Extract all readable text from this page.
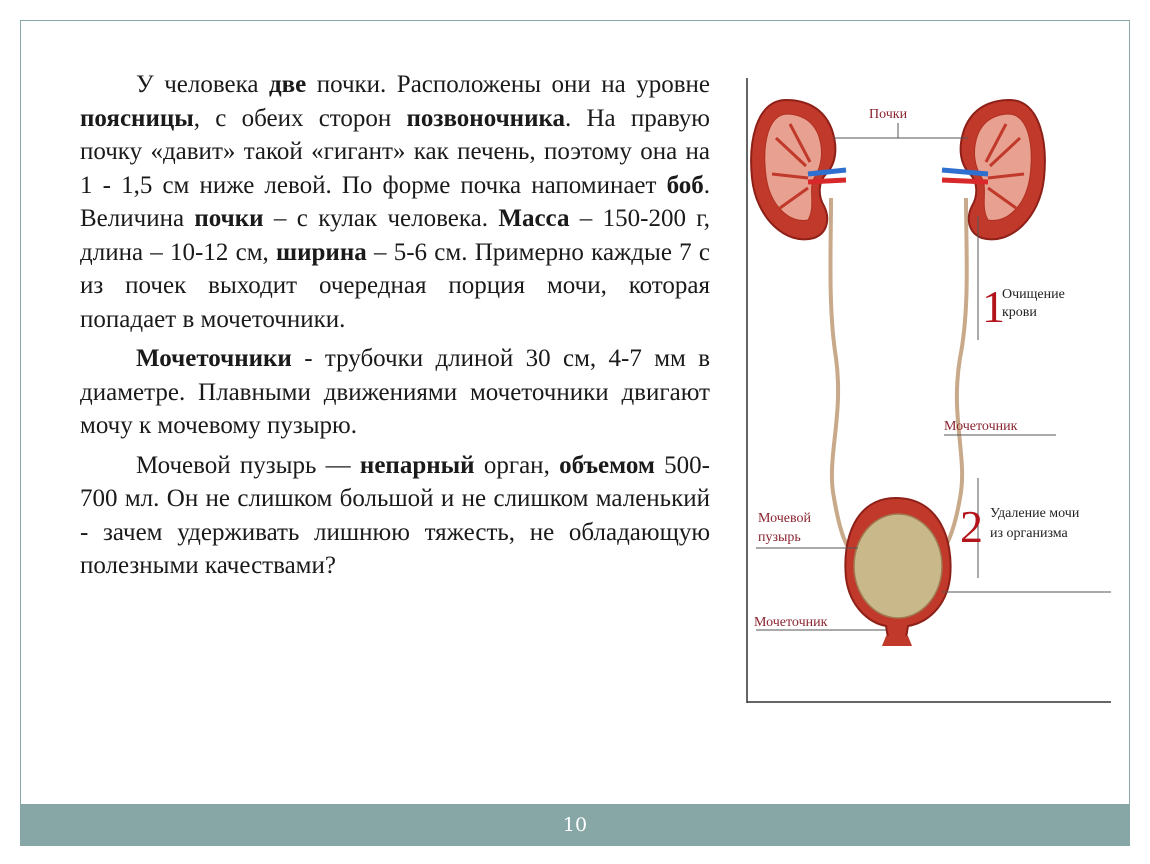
У человека две почки. Расположены они на уровне поясницы, с обеих сторон позвоночника. На правую почку «давит» такой «гигант» как печень, поэтому она на 1 - 1,5 см ниже левой. По форме почка напоминает боб. Величина почки – с кулак человека. Масса – 150-200 г, длина – 10-12 см, ширина – 5-6 см. Примерно каждые 7 с из почек выходит очередная порция мочи, которая попадает в мочеточники.

Мочеточники - трубочки длиной 30 см, 4-7 мм в диаметре. Плавными движениями мочеточники двигают мочу к мочевому пузырю.

Мочевой пузырь — непарный орган, объемом 500-700 мл. Он не слишком большой и не слишком маленький - зачем удерживать лишнюю тяжесть, не обладающую полезными качествами?

Почки
1
Очищение
крови
Мочеточник
Мочевой
пузырь	2 Удаление мочи
из организма
Мочеточник
10
